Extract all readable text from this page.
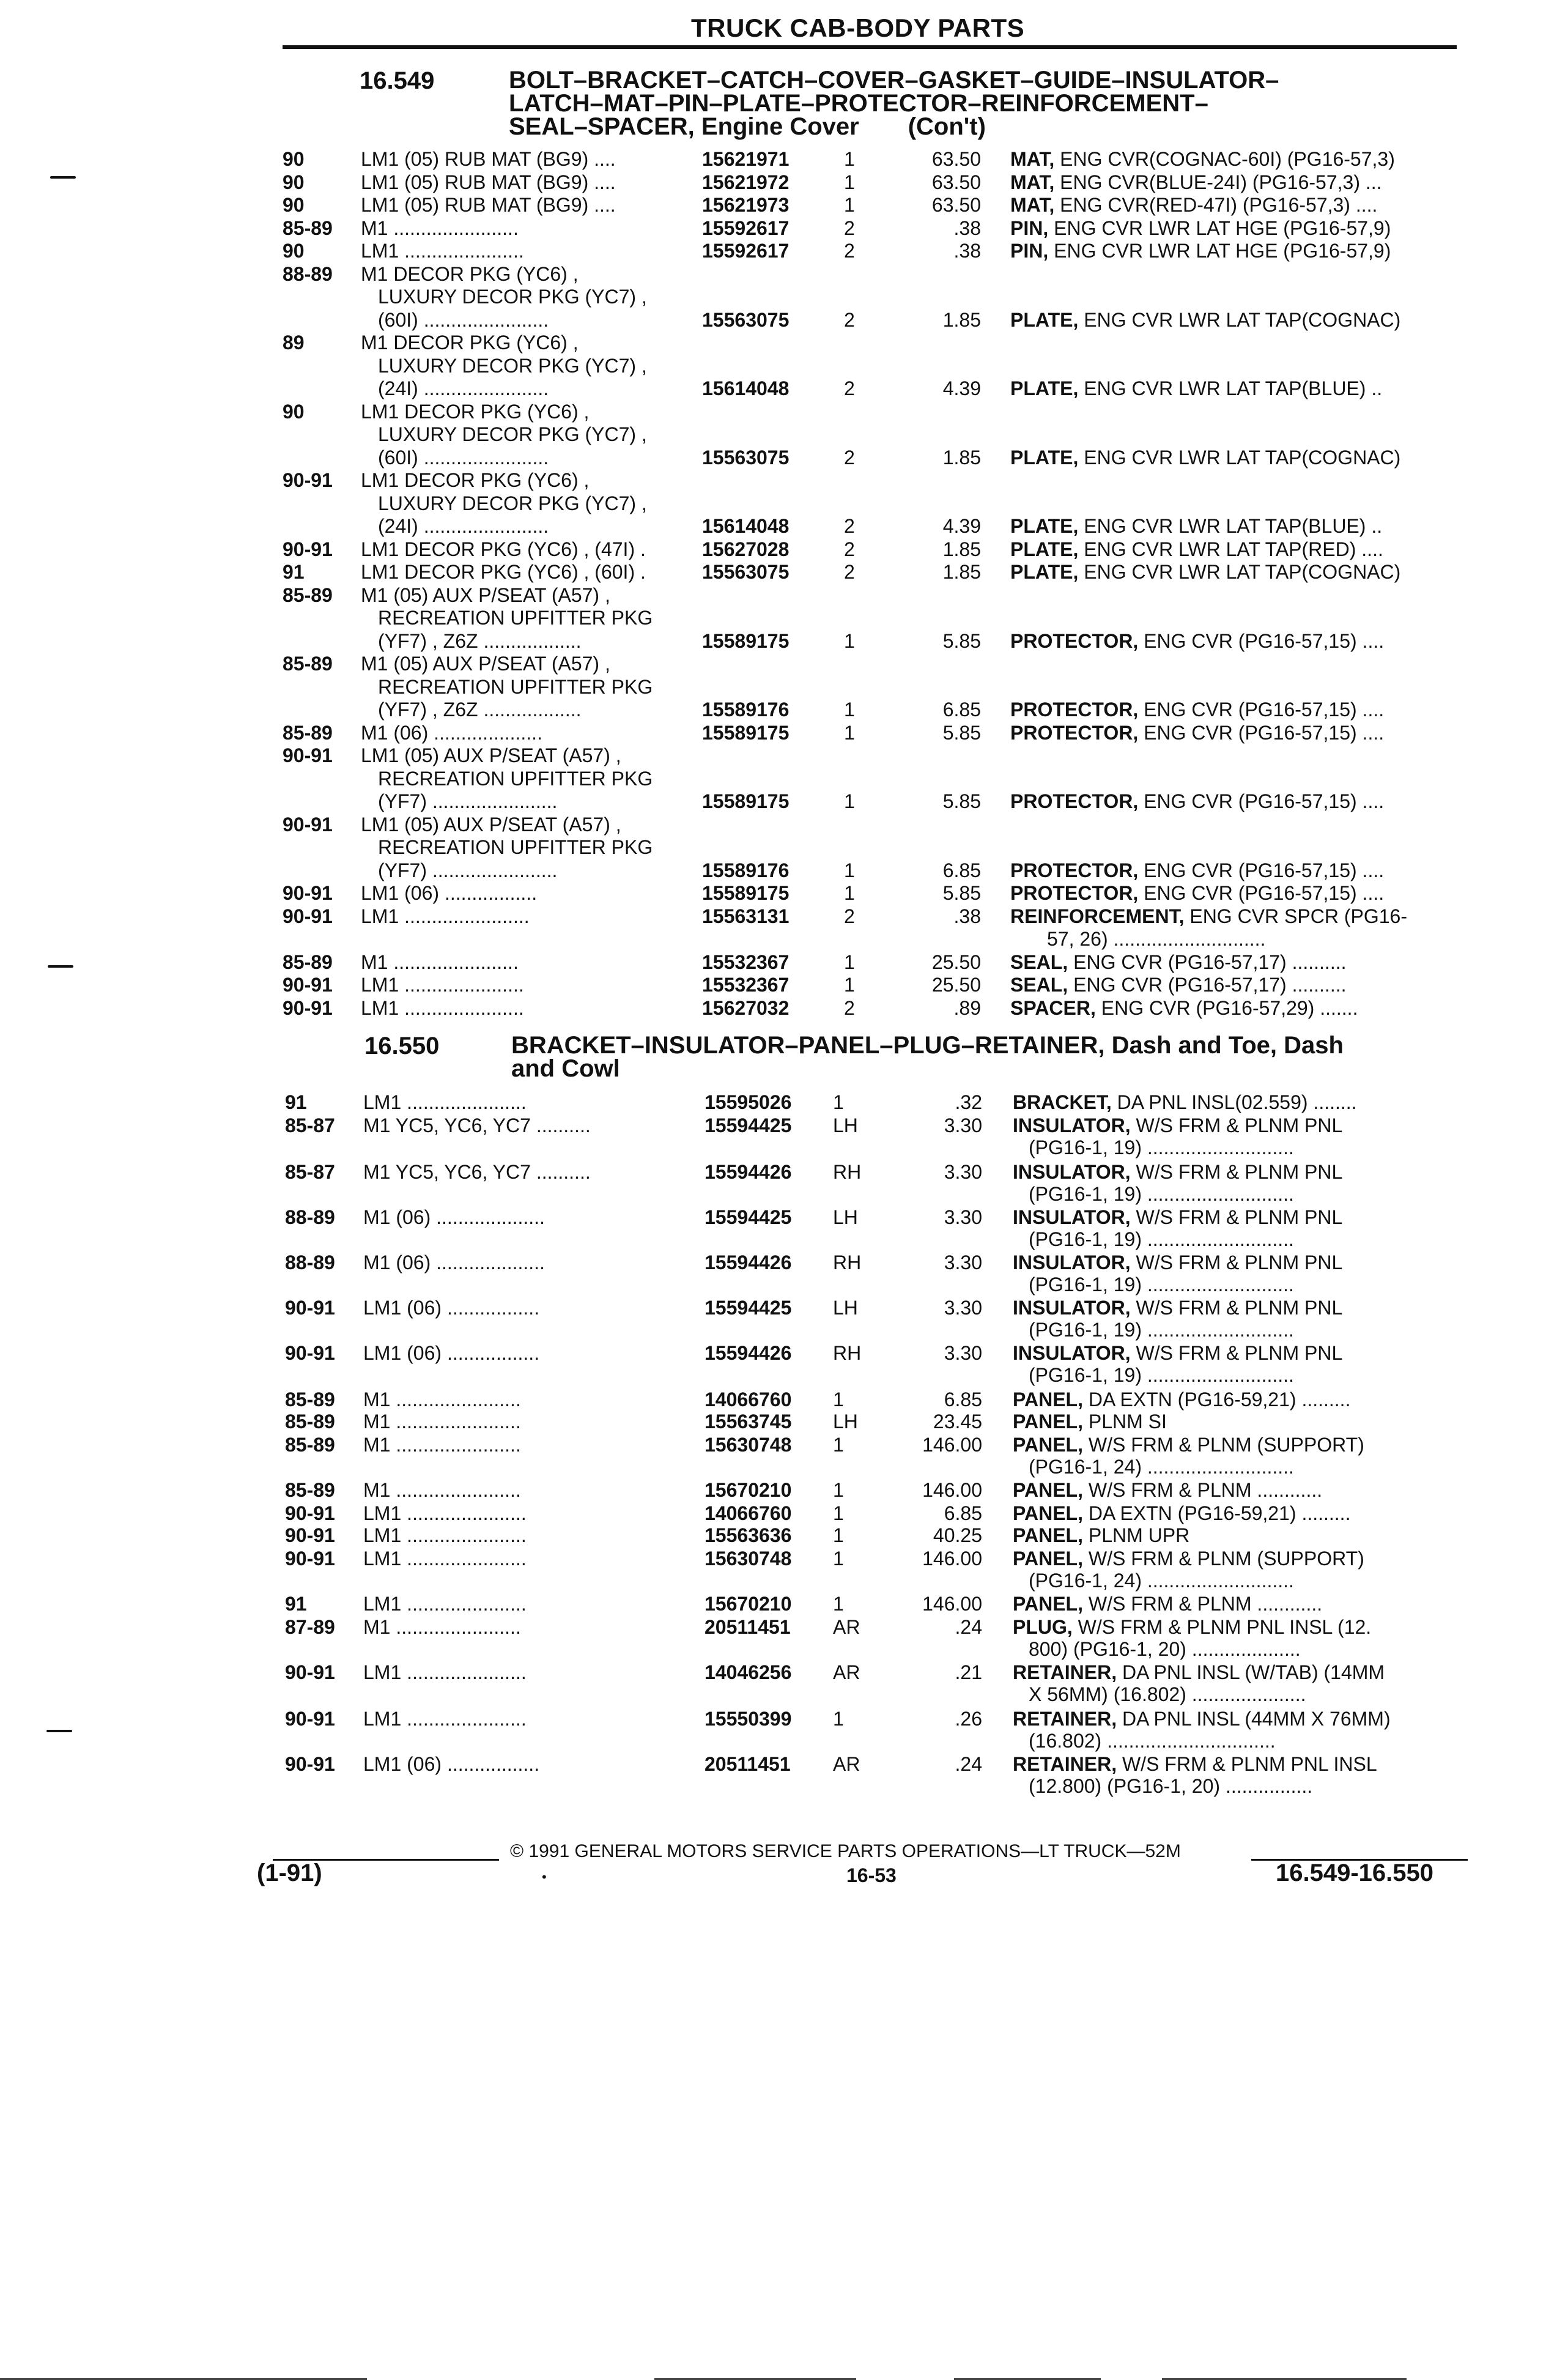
TRUCK CAB-BODY PARTS
16.549	BOLT–BRACKET–CATCH–COVER–GASKET–GUIDE–INSULATOR–
LATCH–MAT–PIN–PLATE–PROTECTOR–REINFORCEMENT–
SEAL–SPACER, Engine Cover (Con't)
90	LM1 (05) RUB MAT (BG9) ....	15621971	1	63.50 MAT, ENG CVR(COGNAC-60I) (PG16-57,3)
90	LM1 (05) RUB MAT (BG9) ....	15621972	1	63.50 MAT, ENG CVR(BLUE-24I) (PG16-57,3) ...
90	LM1 (05) RUB MAT (BG9) ....	15621973	1	63.50 MAT, ENG CVR(RED-47I) (PG16-57,3) ....
85-89 M1 .......................	15592617	2	.38 PIN, ENG CVR LWR LAT HGE (PG16-57,9)
90	LM1 ......................	15592617	2	.38 PIN, ENG CVR LWR LAT HGE (PG16-57,9)
88-89 M1 DECOR PKG (YC6) ,
LUXURY DECOR PKG (YC7) ,
(60I) .......................	15563075	2	1.85 PLATE, ENG CVR LWR LAT TAP(COGNAC)
89	M1 DECOR PKG (YC6) ,
LUXURY DECOR PKG (YC7) ,
(24I) .......................	15614048	2	4.39 PLATE, ENG CVR LWR LAT TAP(BLUE) ..
90	LM1 DECOR PKG (YC6) ,
LUXURY DECOR PKG (YC7) ,
(60I) .......................	15563075	2	1.85 PLATE, ENG CVR LWR LAT TAP(COGNAC)
90-91 LM1 DECOR PKG (YC6) ,
LUXURY DECOR PKG (YC7) ,
(24I) .......................	15614048	2	4.39 PLATE, ENG CVR LWR LAT TAP(BLUE) ..
90-91 LM1 DECOR PKG (YC6) , (47I) .	15627028	2	1.85 PLATE, ENG CVR LWR LAT TAP(RED) ....
91	LM1 DECOR PKG (YC6) , (60I) .	15563075	2	1.85 PLATE, ENG CVR LWR LAT TAP(COGNAC)
85-89 M1 (05) AUX P/SEAT (A57) ,
RECREATION UPFITTER PKG
(YF7) , Z6Z ..................	15589175	1	5.85 PROTECTOR, ENG CVR (PG16-57,15) ....
85-89 M1 (05) AUX P/SEAT (A57) ,
RECREATION UPFITTER PKG
(YF7) , Z6Z ..................	15589176	1	6.85 PROTECTOR, ENG CVR (PG16-57,15) ....
85-89 M1 (06) ....................	15589175	1	5.85 PROTECTOR, ENG CVR (PG16-57,15) ....
90-91 LM1 (05) AUX P/SEAT (A57) ,
RECREATION UPFITTER PKG
(YF7) .......................	15589175	1	5.85 PROTECTOR, ENG CVR (PG16-57,15) ....
90-91 LM1 (05) AUX P/SEAT (A57) ,
RECREATION UPFITTER PKG
(YF7) .......................	15589176	1	6.85 PROTECTOR, ENG CVR (PG16-57,15) ....
90-91 LM1 (06) .................	15589175	1	5.85 PROTECTOR, ENG CVR (PG16-57,15) ....
90-91 LM1 .......................	15563131	2	.38 REINFORCEMENT, ENG CVR SPCR (PG16-
57, 26) ............................
85-89 M1 .......................	15532367	1	25.50 SEAL, ENG CVR (PG16-57,17) ..........
90-91 LM1 ......................	15532367	1	25.50 SEAL, ENG CVR (PG16-57,17) ..........
90-91 LM1 ......................	15627032	2	.89 SPACER, ENG CVR (PG16-57,29) .......
16.550	BRACKET–INSULATOR–PANEL–PLUG–RETAINER, Dash and Toe, Dash
and Cowl
91	LM1 ......................	15595026 1	.32 BRACKET, DA PNL INSL(02.559) ........
85-87 M1 YC5, YC6, YC7 ..........	15594425 LH	3.30 INSULATOR, W/S FRM & PLNM PNL
(PG16-1, 19) ...........................
85-87 M1 YC5, YC6, YC7 ..........	15594426 RH	3.30 INSULATOR, W/S FRM & PLNM PNL
(PG16-1, 19) ...........................
88-89 M1 (06) ....................	15594425 LH	3.30 INSULATOR, W/S FRM & PLNM PNL
(PG16-1, 19) ...........................
88-89 M1 (06) ....................	15594426 RH	3.30 INSULATOR, W/S FRM & PLNM PNL
(PG16-1, 19) ...........................
90-91 LM1 (06) .................	15594425 LH	3.30 INSULATOR, W/S FRM & PLNM PNL
(PG16-1, 19) ...........................
90-91 LM1 (06) .................	15594426 RH	3.30 INSULATOR, W/S FRM & PLNM PNL
(PG16-1, 19) ...........................
85-89 M1 .......................	14066760 1	6.85 PANEL, DA EXTN (PG16-59,21) .........
85-89 M1 .......................	15563745 LH	23.45 PANEL, PLNM SI
85-89 M1 .......................	15630748 1	146.00 PANEL, W/S FRM & PLNM (SUPPORT)
(PG16-1, 24) ...........................
85-89 M1 .......................	15670210 1	146.00 PANEL, W/S FRM & PLNM ............
90-91 LM1 ......................	14066760 1	6.85 PANEL, DA EXTN (PG16-59,21) .........
90-91 LM1 ......................	15563636 1	40.25 PANEL, PLNM UPR
90-91 LM1 ......................	15630748 1	146.00 PANEL, W/S FRM & PLNM (SUPPORT)
(PG16-1, 24) ...........................
91	LM1 ......................	15670210 1	146.00 PANEL, W/S FRM & PLNM ............
87-89 M1 .......................	20511451 AR	.24 PLUG, W/S FRM & PLNM PNL INSL (12.
800) (PG16-1, 20) ....................
90-91 LM1 ......................	14046256 AR	.21 RETAINER, DA PNL INSL (W/TAB) (14MM
X 56MM) (16.802) .....................
90-91 LM1 ......................	15550399 1	.26 RETAINER, DA PNL INSL (44MM X 76MM)
(16.802) ...............................
90-91 LM1 (06) .................	20511451 AR	.24 RETAINER, W/S FRM & PLNM PNL INSL
(12.800) (PG16-1, 20) ................
© 1991 GENERAL MOTORS SERVICE PARTS OPERATIONS—LT TRUCK—52M
(1-91)	•	16-53	16.549-16.550
